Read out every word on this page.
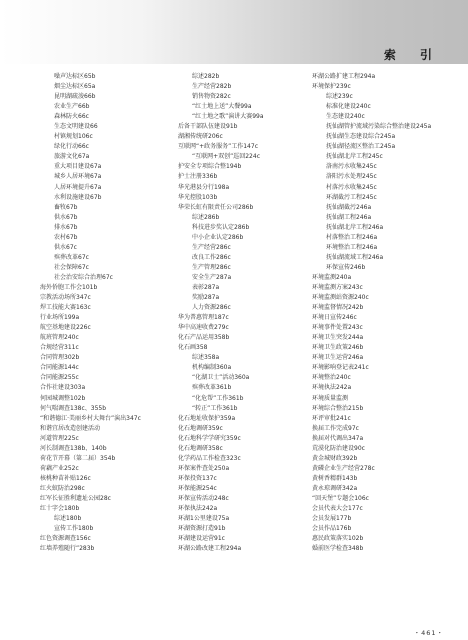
索 引
噪声达标区65b
烟尘达标区65a
昆明湖疏浚66b
农业生产66b
森林防火66c
生态文明建设66
村镇规划106c
绿化行动66c
旅游文化67a
重大项目建设67a
城乡人居环境67a
人居环境提升67a
水利设施建设67b
畜牧67b
供水67b
排水67b
农村67b
供水67c
殡葬改革67c
社会保障67c
社会治安综合治理67c
海外侨胞工作会101b
宗教活动场所347c
焊工技能大赛163c
行业场所199a
航空基地建设226c
航班管理240c
合规经营311c
合同管理302b
合同能源144c
合同能源255c
合作社建设303a
何园城调整102b
何气喘调查138c、355b
“和谐德江·美丽乡村大舞台”演出347c
和谐宜居改造创建活动
河道管理225c
河长制调查138b、140b
荷花节开幕（第二届）354b
荷藕产业252c
核桃种苗补贴126c
红火蚁防治298c
红军长征胜利遗址公园28c
红十字会180b
综述180b
宣传工作180b
红色资源调查156c
红墙养殖随行”283b
综述282b
生产经营282b
销售物资282c
“红土地上送”大餐99a
“红土地之歌”演讲大赛99a
后备干部队伍建设91b
湖湘传统研206c
互联网“+政务服务”工作147c
“互联网+双创”巡回224c
护安全专项综合整194b
护士注册336b
华光港县分行198a
华光控股103b
华荣长虹有限责任公司286b
综述286b
科技进步奖认定286b
中小企业认定286b
生产经营286c
改良工作286c
生产管理286c
安全生产287a
表彰287a
奖励287a
人力资源286c
华为普惠管理187c
华中高速收费279c
化石产品运用358b
化石画358
综述358a
机构编制360a
“化湖卫士”活动360a
殡葬改革361b
“化危帮”工作361b
“转正”工作361b
化石地址收保护359a
化石地调研359c
化石地科学学研究359c
化石地调研358c
化学药品工作检查323c
环保案件查处250a
环保投资137c
环保能源254c
环保宣传活动248c
环保执法242a
环湖1公里建设75a
环湖资源打造91b
环湖建设运营91c
环湖公路改建工程294a
环湖公路扩建工程294a
环境保护239c
综述239c
标准化建设240c
生态建设240c
抚仙湖管护流域污染综合整治建设245a
抚仙湖生态建设综合245a
抚仙湖径流区整治工245a
抚仙湖北岸工程245c
洛南污水收集245c
洛阳污水处理245c
村落污水收集245c
环湖截污工程245c
抚仙湖截污246a
抚仙湖工程246a
抚仙湖北岸工程246a
村落整治工程246a
环境整治工程246a
抚仙湖流域工程246a
环保宣传246b
环境监测240a
环境监测方案243c
环境监测站资源240c
环境监督情况242b
环境日宣传246c
环境事件处置243c
环境卫生突发244a
环境卫生政策246b
环境卫生运营246a
环境影响登记表241c
环境整治240c
环境执法242a
环境质量监测
环境综合整治215b
环评审批241c
换届工作完成97c
换届对代调出347a
荒漠化防治建设90c
黄金城财政392b
黄磷企业生产经营278c
黄树香精群143b
黄永琼调研342a
“回天堡”专题会106c
会员代表大会177c
会员发展177b
会员作品176b
惠民政策落实102b
婚前医学检查348b
・461・
